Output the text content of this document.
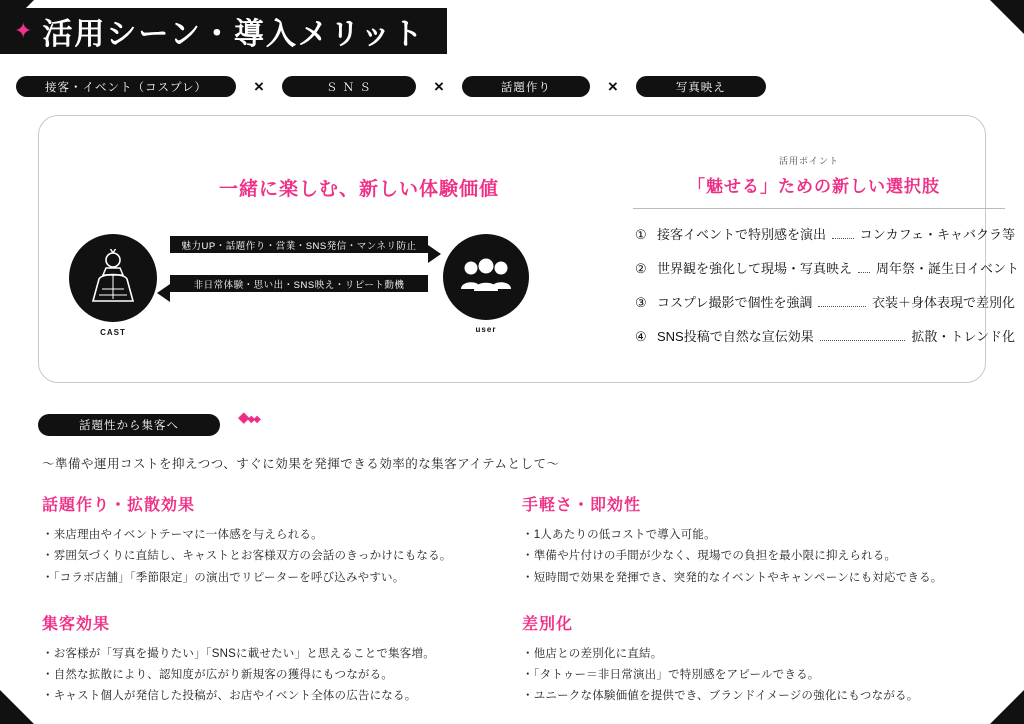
✦ 活用シーン・導入メリット
接客・イベント（コスプレ）	×	Ｓ Ｎ Ｓ	×	話題作り	×	写真映え
一緒に楽しむ、新しい体験価値
活用ポイント
「魅せる」ための新しい選択肢
CAST	user
魅力UP・話題作り・営業・SNS発信・マンネリ防止
非日常体験・思い出・SNS映え・リピート動機
① 接客イベントで特別感を演出	コンカフェ・キャバクラ等
② 世界観を強化して現場・写真映え 周年祭・誕生日イベント
③ コスプレ撮影で個性を強調	衣装＋身体表現で差別化
④ SNS投稿で自然な宣伝効果	拡散・トレンド化
話題性から集客へ	◆◆◆
〜準備や運用コストを抑えつつ、すぐに効果を発揮できる効率的な集客アイテムとして〜
話題作り・拡散効果
・来店理由やイベントテーマに一体感を与えられる。
・雰囲気づくりに直結し、キャストとお客様双方の会話のきっかけにもなる。
・「コラボ店舗」「季節限定」の演出でリピーターを呼び込みやすい。
集客効果
・お客様が「写真を撮りたい」「SNSに載せたい」と思えることで集客増。
・自然な拡散により、認知度が広がり新規客の獲得にもつながる。
・キャスト個人が発信した投稿が、お店やイベント全体の広告になる。
手軽さ・即効性
・1人あたりの低コストで導入可能。
・準備や片付けの手間が少なく、現場での負担を最小限に抑えられる。
・短時間で効果を発揮でき、突発的なイベントやキャンペーンにも対応できる。
差別化
・他店との差別化に直結。
・「タトゥー＝非日常演出」で特別感をアピールできる。
・ユニークな体験価値を提供でき、ブランドイメージの強化にもつながる。
